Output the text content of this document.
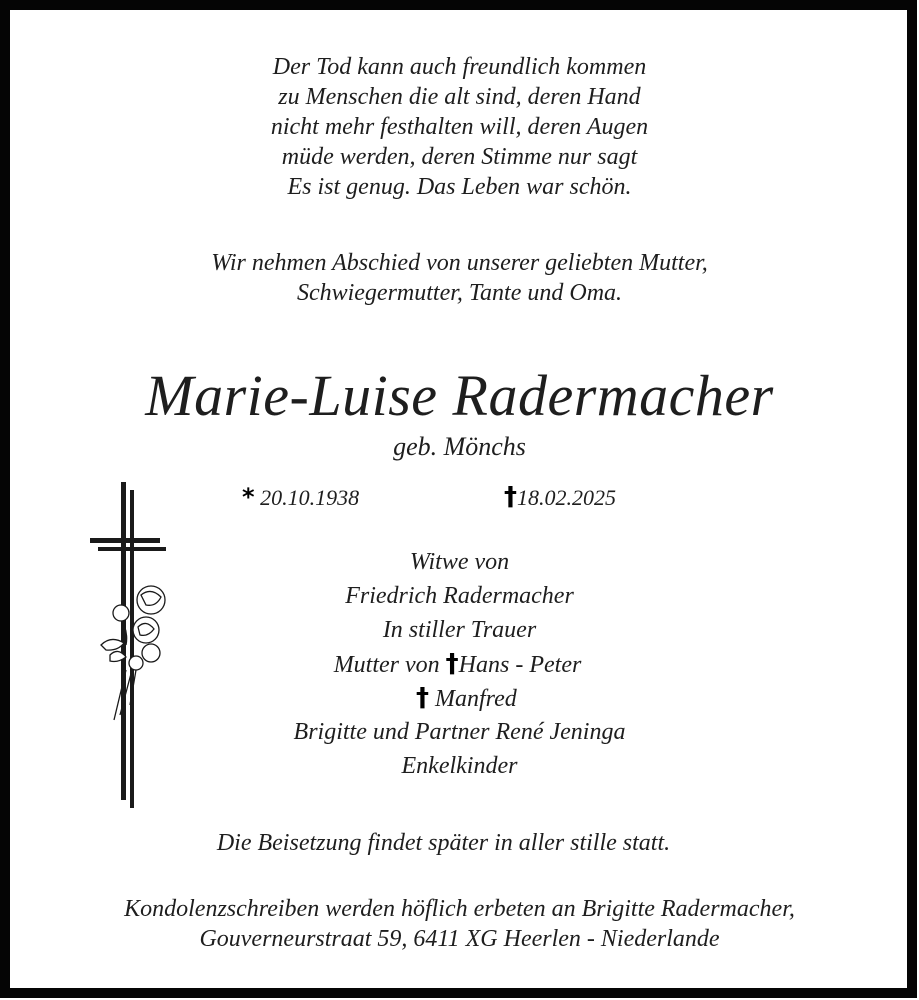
Der Tod kann auch freundlich kommen
zu Menschen die alt sind, deren Hand
nicht mehr festhalten will, deren Augen
müde werden, deren Stimme nur sagt
Es ist genug. Das Leben war schön.
Wir nehmen Abschied von unserer geliebten Mutter,
Schwiegermutter, Tante und Oma.
Marie-Luise Radermacher
geb. Mönchs
* 20.10.1938	†18.02.2025
Witwe von
Friedrich Radermacher
In stiller Trauer
Mutter von †Hans - Peter
† Manfred
Brigitte und Partner René Jeninga
Enkelkinder
Die Beisetzung findet später in aller stille statt.
Kondolenzschreiben werden höflich erbeten an Brigitte Radermacher,
Gouverneurstraat 59, 6411 XG Heerlen - Niederlande
